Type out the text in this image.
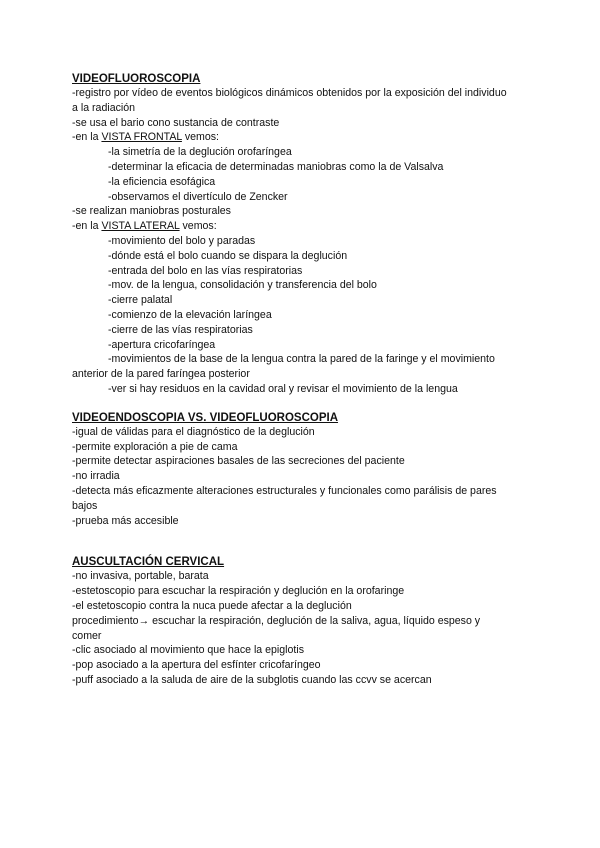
VIDEOFLUOROSCOPIA

-registro por vídeo de eventos biológicos dinámicos obtenidos por la exposición del individuo

a la radiación

-se usa el bario cono sustancia de contraste

-en la VISTA FRONTAL vemos:

-la simetría de la deglución orofaríngea

-determinar la eficacia de determinadas maniobras como la de Valsalva

-la eficiencia esofágica

-observamos el divertículo de Zencker

-se realizan maniobras posturales

-en la VISTA LATERAL vemos:

-movimiento del bolo y paradas

-dónde está el bolo cuando se dispara la deglución

-entrada del bolo en las vías respiratorias

-mov. de la lengua, consolidación y transferencia del bolo

-cierre palatal

-comienzo de la elevación laríngea

-cierre de las vías respiratorias

-apertura cricofaríngea

-movimientos de la base de la lengua contra la pared de la faringe y el movimiento

anterior de la pared faríngea posterior

-ver si hay residuos en la cavidad oral y revisar el movimiento de la lengua

VIDEOENDOSCOPIA VS. VIDEOFLUOROSCOPIA

-igual de válidas para el diagnóstico de la deglución

-permite exploración a pie de cama

-permite detectar aspiraciones basales de las secreciones del paciente

-no irradia

-detecta más eficazmente alteraciones estructurales y funcionales como parálisis de pares

bajos

-prueba más accesible

AUSCULTACIÓN CERVICAL

-no invasiva, portable, barata

-estetoscopio para escuchar la respiración y deglución en la orofaringe

-el estetoscopio contra la nuca puede afectar a la deglución

procedimiento→ escuchar la respiración, deglución de la saliva, agua, líquido espeso y

comer

-clic asociado al movimiento que hace la epiglotis

-pop asociado a la apertura del esfínter cricofaríngeo

-puff asociado a la saluda de aire de la subglotis cuando las ccvv se acercan
